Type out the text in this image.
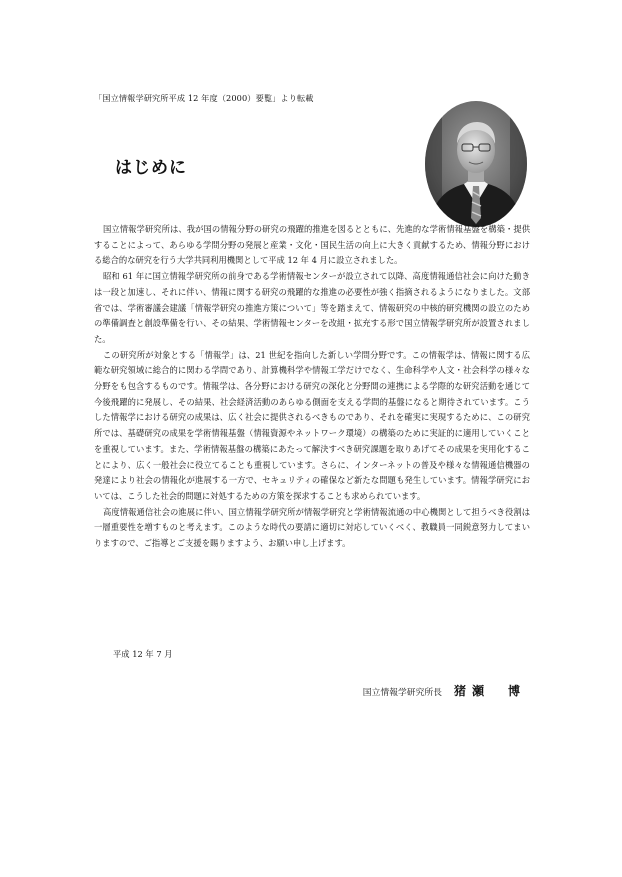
「国立情報学研究所平成 12 年度（2000）要覧」より転載
はじめに

国立情報学研究所は、我が国の情報分野の研究の飛躍的推進を図るとともに、先進的な学術情報基盤を構築・提供することによって、あらゆる学問分野の発展と産業・文化・国民生活の向上に大きく貢献するため、情報分野における総合的な研究を行う大学共同利用機関として平成 12 年 4 月に設立されました。

昭和 61 年に国立情報学研究所の前身である学術情報センターが設立されて以降、高度情報通信社会に向けた動きは一段と加速し、それに伴い、情報に関する研究の飛躍的な推進の必要性が強く指摘されるようになりました。文部省では、学術審議会建議「情報学研究の推進方策について」等を踏まえて、情報研究の中核的研究機関の設立のための準備調査と創設準備を行い、その結果、学術情報センターを改組・拡充する形で国立情報学研究所が設置されました。

この研究所が対象とする「情報学」は、21 世紀を指向した新しい学問分野です。この情報学は、情報に関する広範な研究領域に総合的に関わる学問であり、計算機科学や情報工学だけでなく、生命科学や人文・社会科学の様々な分野をも包含するものです。情報学は、各分野における研究の深化と分野間の連携による学際的な研究活動を通じて今後飛躍的に発展し、その結果、社会経済活動のあらゆる側面を支える学問的基盤になると期待されています。こうした情報学における研究の成果は、広く社会に提供されるべきものであり、それを確実に実現するために、この研究所では、基礎研究の成果を学術情報基盤（情報資源やネットワーク環境）の構築のために実証的に適用していくことを重視しています。また、学術情報基盤の構築にあたって解決すべき研究課題を取りあげてその成果を実用化することにより、広く一般社会に役立てることも重視しています。さらに、インターネットの普及や様々な情報通信機器の発達により社会の情報化が進展する一方で、セキュリティの確保など新たな問題も発生しています。情報学研究においては、こうした社会的問題に対処するための方策を探求することも求められています。

高度情報通信社会の進展に伴い、国立情報学研究所が情報学研究と学術情報流通の中心機関として担うべき役割は一層重要性を増すものと考えます。このような時代の要請に適切に対応していくべく、教職員一同鋭意努力してまいりますので、ご指導とご支援を賜りますよう、お願い申し上げます。

平成 12 年 7 月
国立情報学研究所長 猪瀬　博
